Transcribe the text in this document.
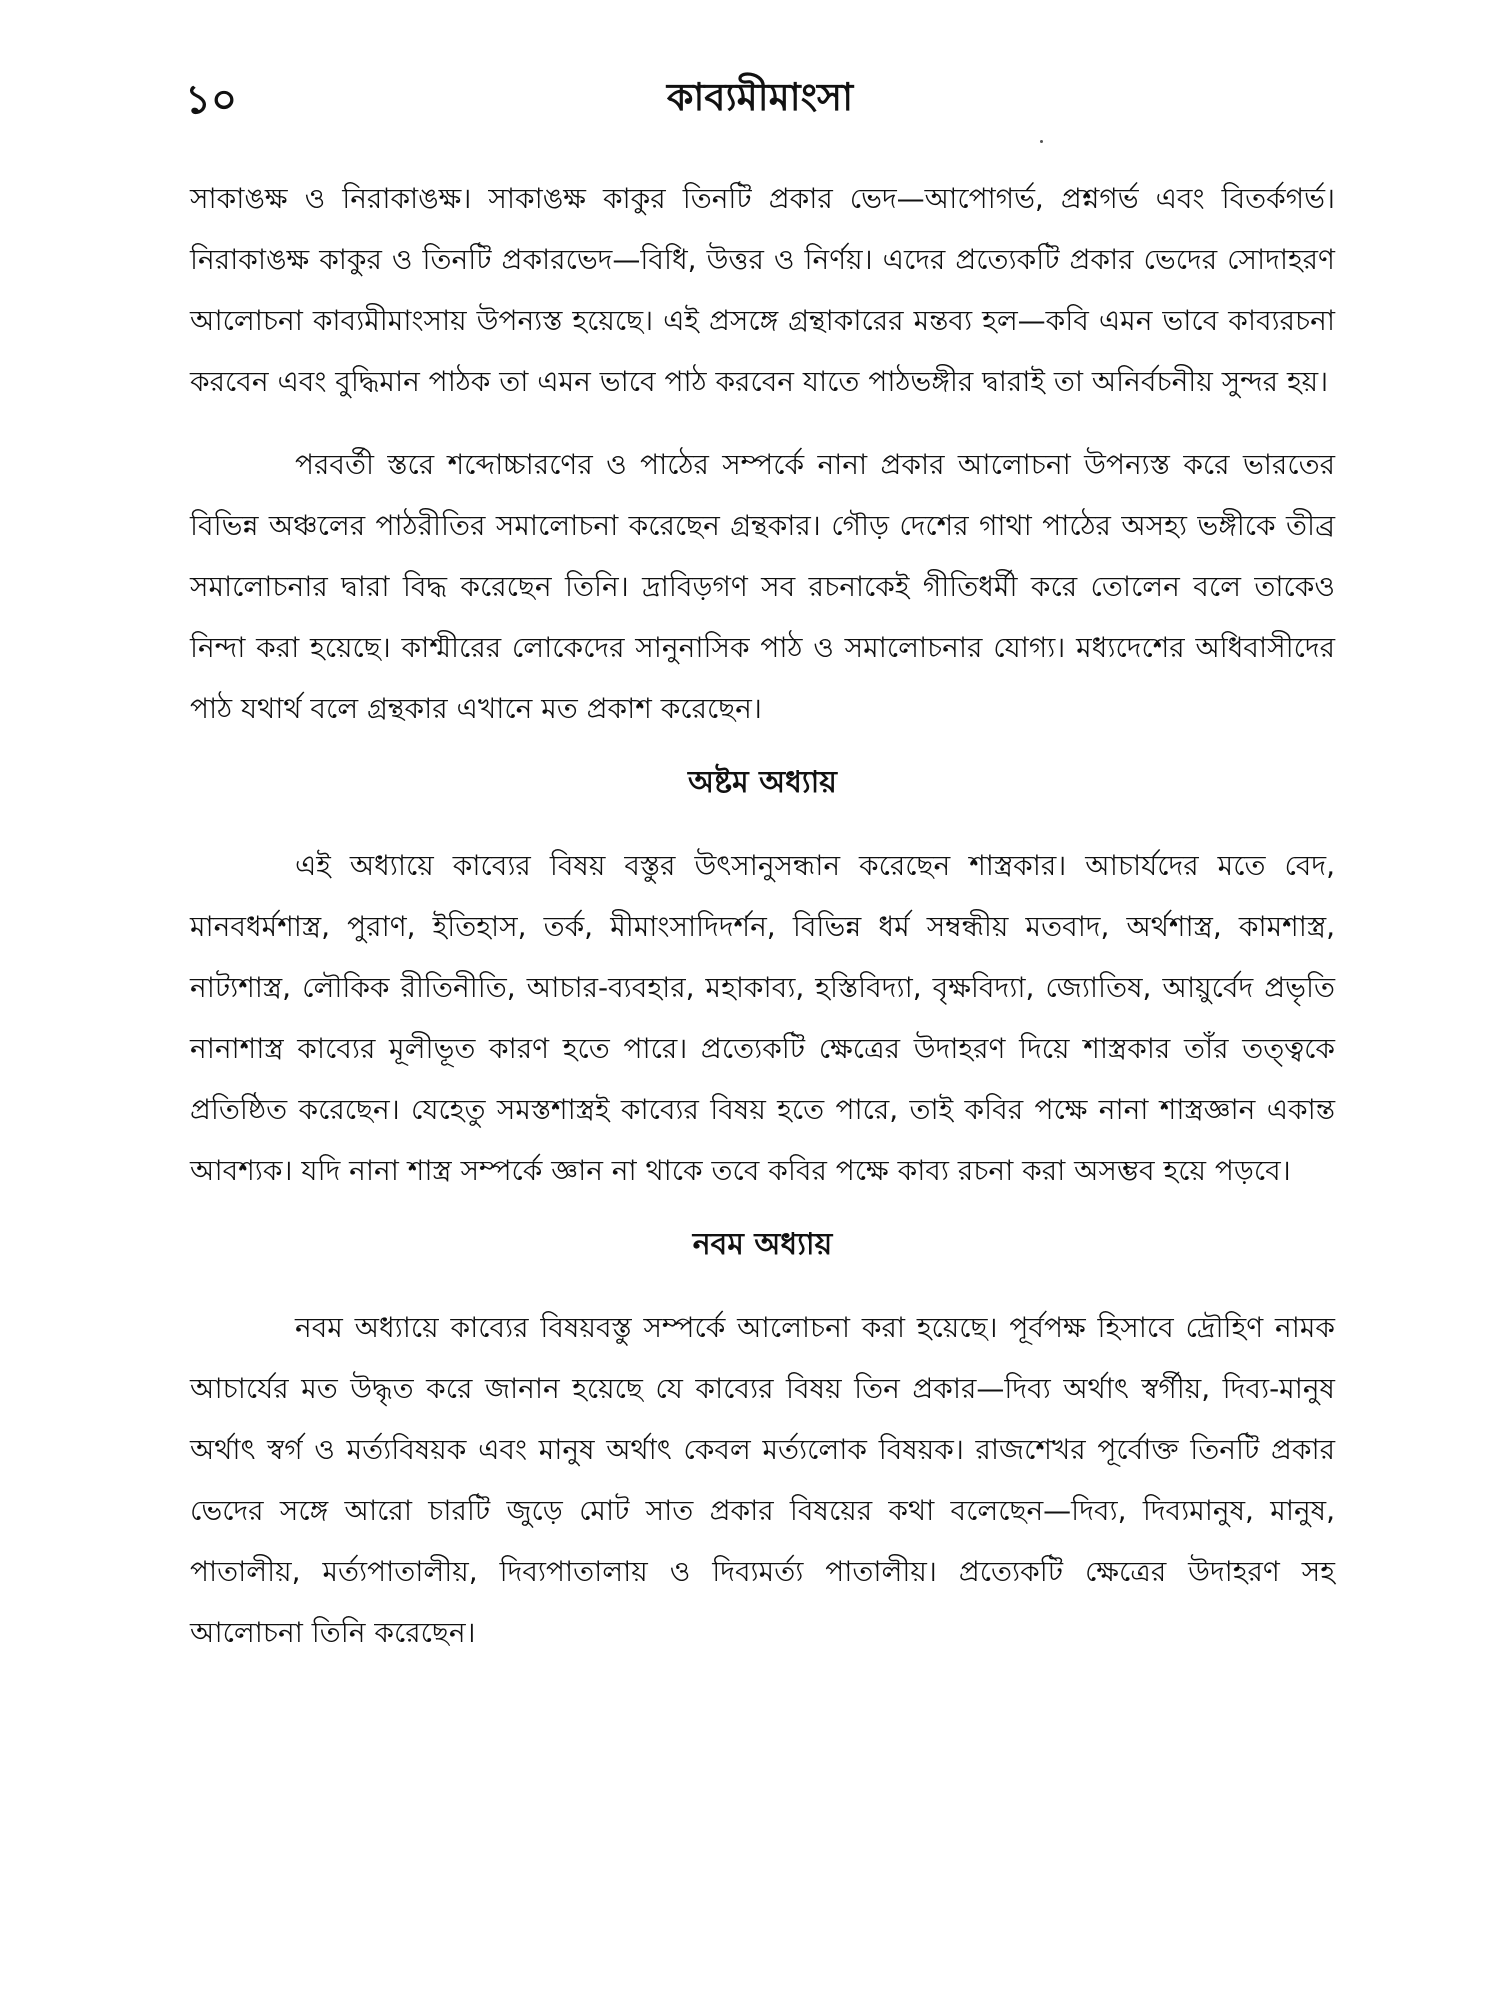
১০	কাব্যমীমাংসা

সাকাঙক্ষ ও নিরাকাঙক্ষ। সাকাঙক্ষ কাকুর তিনটি প্রকার ভেদ—আপোগর্ভ, প্রশ্নগর্ভ এবং বিতর্কগর্ভ। নিরাকাঙক্ষ কাকুর ও তিনটি প্রকারভেদ—বিধি, উত্তর ও নির্ণয়। এদের প্রত্যেকটি প্রকার ভেদের সোদাহরণ আলোচনা কাব্যমীমাংসায় উপন্যস্ত হয়েছে। এই প্রসঙ্গে গ্রন্থাকারের মন্তব্য হল—কবি এমন ভাবে কাব্যরচনা করবেন এবং বুদ্ধিমান পাঠক তা এমন ভাবে পাঠ করবেন যাতে পাঠভঙ্গীর দ্বারাই তা অনির্বচনীয় সুন্দর হয়।

পরবর্তী স্তরে শব্দোচ্চারণের ও পাঠের সম্পর্কে নানা প্রকার আলোচনা উপন্যস্ত করে ভারতের বিভিন্ন অঞ্চলের পাঠরীতির সমালোচনা করেছেন গ্রন্থকার। গৌড় দেশের গাথা পাঠের অসহ্য ভঙ্গীকে তীব্র সমালোচনার দ্বারা বিদ্ধ করেছেন তিনি। দ্রাবিড়গণ সব রচনাকেই গীতিধর্মী করে তোলেন বলে তাকেও নিন্দা করা হয়েছে। কাশ্মীরের লোকেদের সানুনাসিক পাঠ ও সমালোচনার যোগ্য। মধ্যদেশের অধিবাসীদের পাঠ যথার্থ বলে গ্রন্থকার এখানে মত প্রকাশ করেছেন।

অষ্টম অধ্যায়

এই অধ্যায়ে কাব্যের বিষয় বস্তুর উৎসানুসন্ধান করেছেন শাস্ত্রকার। আচার্যদের মতে বেদ, মানবধর্মশাস্ত্র, পুরাণ, ইতিহাস, তর্ক, মীমাংসাদিদর্শন, বিভিন্ন ধর্ম সম্বন্ধীয় মতবাদ, অর্থশাস্ত্র, কামশাস্ত্র, নাট্যশাস্ত্র, লৌকিক রীতিনীতি, আচার-ব্যবহার, মহাকাব্য, হস্তিবিদ্যা, বৃক্ষবিদ্যা, জ্যোতিষ, আয়ুর্বেদ প্রভৃতি নানাশাস্ত্র কাব্যের মূলীভূত কারণ হতে পারে। প্রত্যেকটি ক্ষেত্রের উদাহরণ দিয়ে শাস্ত্রকার তাঁর তত্ত্বকে প্রতিষ্ঠিত করেছেন। যেহেতু সমস্তশাস্ত্রই কাব্যের বিষয় হতে পারে, তাই কবির পক্ষে নানা শাস্ত্রজ্ঞান একান্ত আবশ্যক। যদি নানা শাস্ত্র সম্পর্কে জ্ঞান না থাকে তবে কবির পক্ষে কাব্য রচনা করা অসম্ভব হয়ে পড়বে।

নবম অধ্যায়

নবম অধ্যায়ে কাব্যের বিষয়বস্তু সম্পর্কে আলোচনা করা হয়েছে। পূর্বপক্ষ হিসাবে দ্রৌহিণ নামক আচার্যের মত উদ্ধৃত করে জানান হয়েছে যে কাব্যের বিষয় তিন প্রকার—দিব্য অর্থাৎ স্বর্গীয়, দিব্য-মানুষ অর্থাৎ স্বর্গ ও মর্ত্যবিষয়ক এবং মানুষ অর্থাৎ কেবল মর্ত্যলোক বিষয়ক। রাজশেখর পূর্বোক্ত তিনটি প্রকার ভেদের সঙ্গে আরো চারটি জুড়ে মোট সাত প্রকার বিষয়ের কথা বলেছেন—দিব্য, দিব্যমানুষ, মানুষ, পাতালীয়, মর্ত্যপাতালীয়, দিব্যপাতালায় ও দিব্যমর্ত্য পাতালীয়। প্রত্যেকটি ক্ষেত্রের উদাহরণ সহ আলোচনা তিনি করেছেন।
